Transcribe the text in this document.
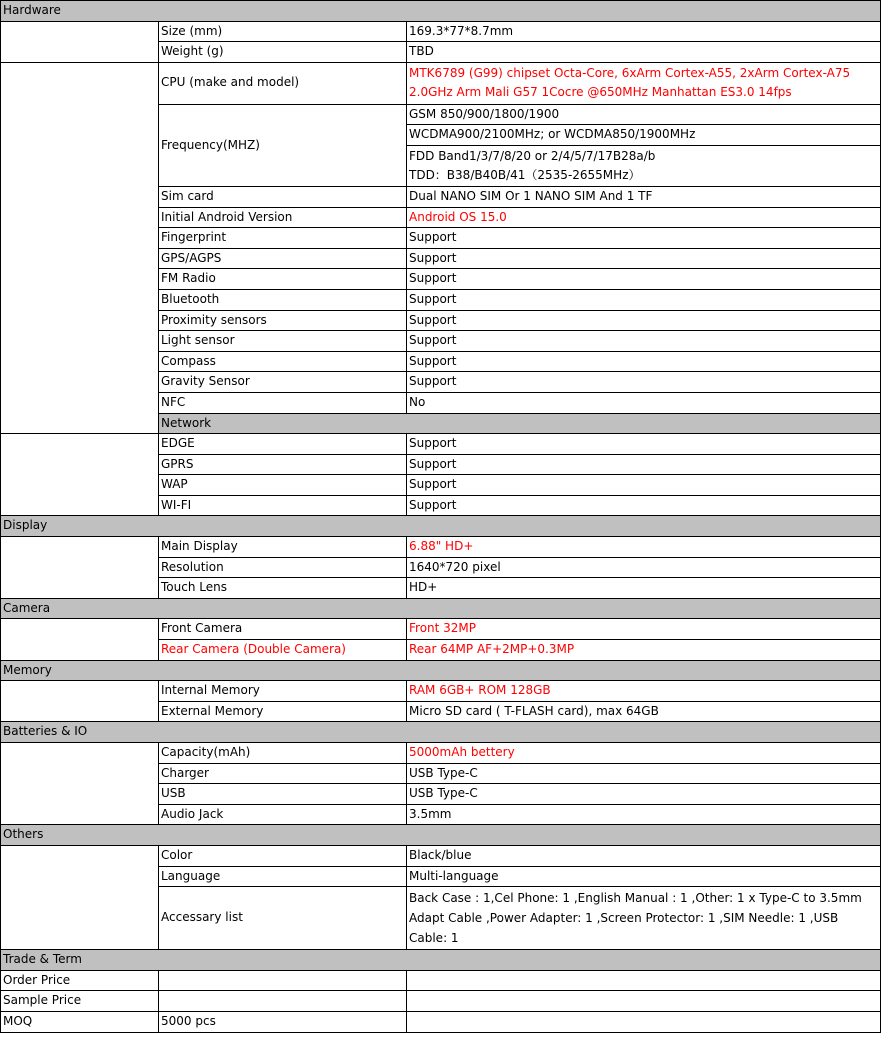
Hardware		
	Size (mm)	169.3*77*8.7mm
	Weight (g)	TBD
	CPU (make and model)	MTK6789 (G99) chipset Octa-Core, 6xArm Cortex-A55, 2xArm Cortex-A75 2.0GHz Arm Mali G57 1Cocre @650MHz Manhattan ES3.0 14fps
	Frequency(MHZ)	GSM 850/900/1800/1900
		WCDMA900/2100MHz; or WCDMA850/1900MHz

		FDD Band1/3/7/8/20 or 2/4/5/7/17B28a/b
TDD：B38/B40B/41（2535-2655MHz）

	Sim card	Dual NANO SIM Or 1 NANO SIM And 1 TF
	Initial Android Version	Android OS 15.0
	Fingerprint	Support
	GPS/AGPS	Support
	FM Radio	Support
	Bluetooth	Support
	Proximity sensors	Support
	Light sensor	Support
	Compass	Support
	Gravity Sensor	Support
	NFC	No
	Network	
	EDGE	Support
	GPRS	Support
	WAP	Support
	WI-FI	Support
Display		
	Main Display	6.88" HD+
	Resolution	1640*720 pixel
	Touch Lens	HD+
Camera		
	Front Camera	Front 32MP
	Rear Camera (Double Camera)	Rear 64MP AF+2MP+0.3MP
Memory		
	Internal Memory	RAM 6GB+ ROM 128GB
	External Memory	Micro SD card ( T-FLASH card), max 64GB
Batteries & IO		
	Capacity(mAh)	5000mAh bettery
	Charger	USB Type-C
	USB	USB Type-C
	Audio Jack	3.5mm
Others		
	Color	Black/blue
	Language	Multi-language
	Accessary list	Back Case : 1,Cel Phone: 1 ,English Manual : 1 ,Other: 1 x Type-C to 3.5mm Adapt Cable ,Power Adapter: 1 ,Screen Protector: 1 ,SIM Needle: 1 ,USB Cable: 1
Trade & Term		
Order Price		
Sample Price		
MOQ	5000 pcs	
